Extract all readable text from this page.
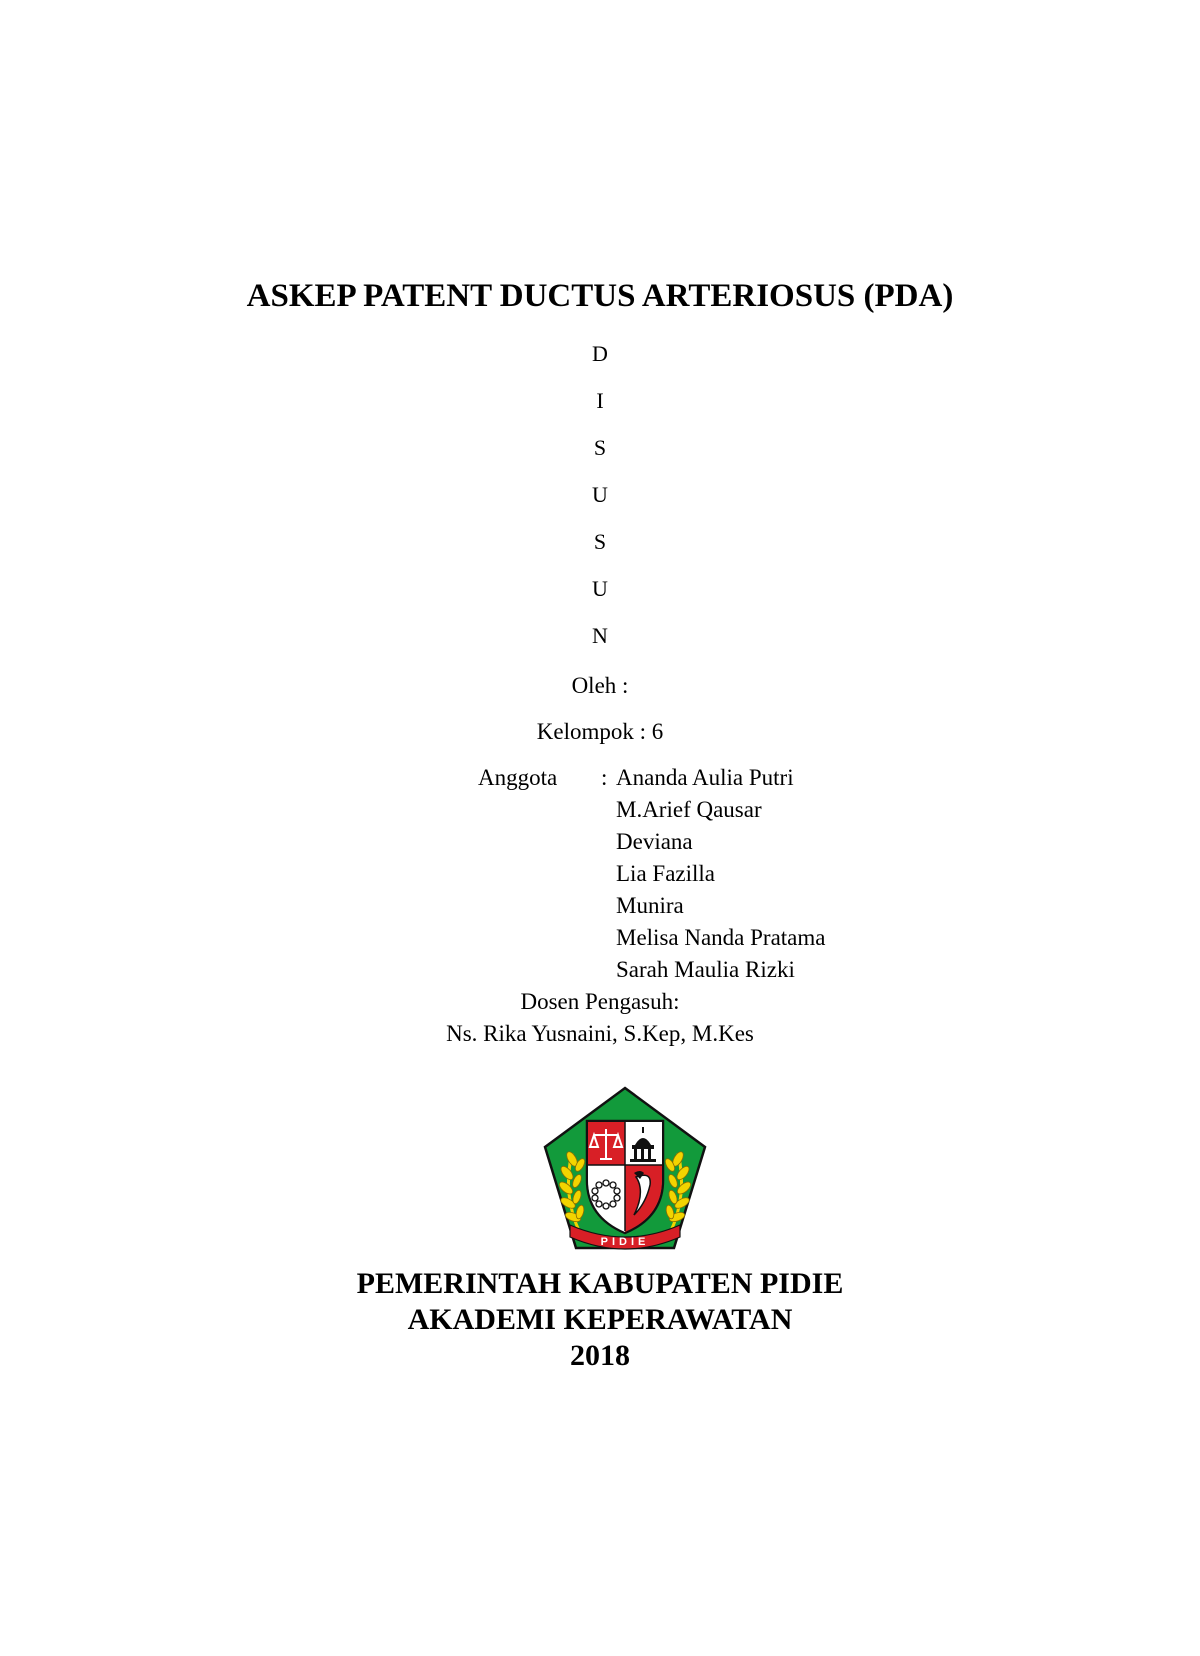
ASKEP PATENT DUCTUS ARTERIOSUS (PDA)
D
I
S
U
S
U
N
Oleh :
Kelompok : 6
Anggota : Ananda Aulia Putri
M.Arief Qausar
Deviana
Lia Fazilla
Munira
Melisa Nanda Pratama
Sarah Maulia Rizki
Dosen Pengasuh:
Ns. Rika Yusnaini, S.Kep, M.Kes
PIDIE
PEMERINTAH KABUPATEN PIDIE
AKADEMI KEPERAWATAN
2018
